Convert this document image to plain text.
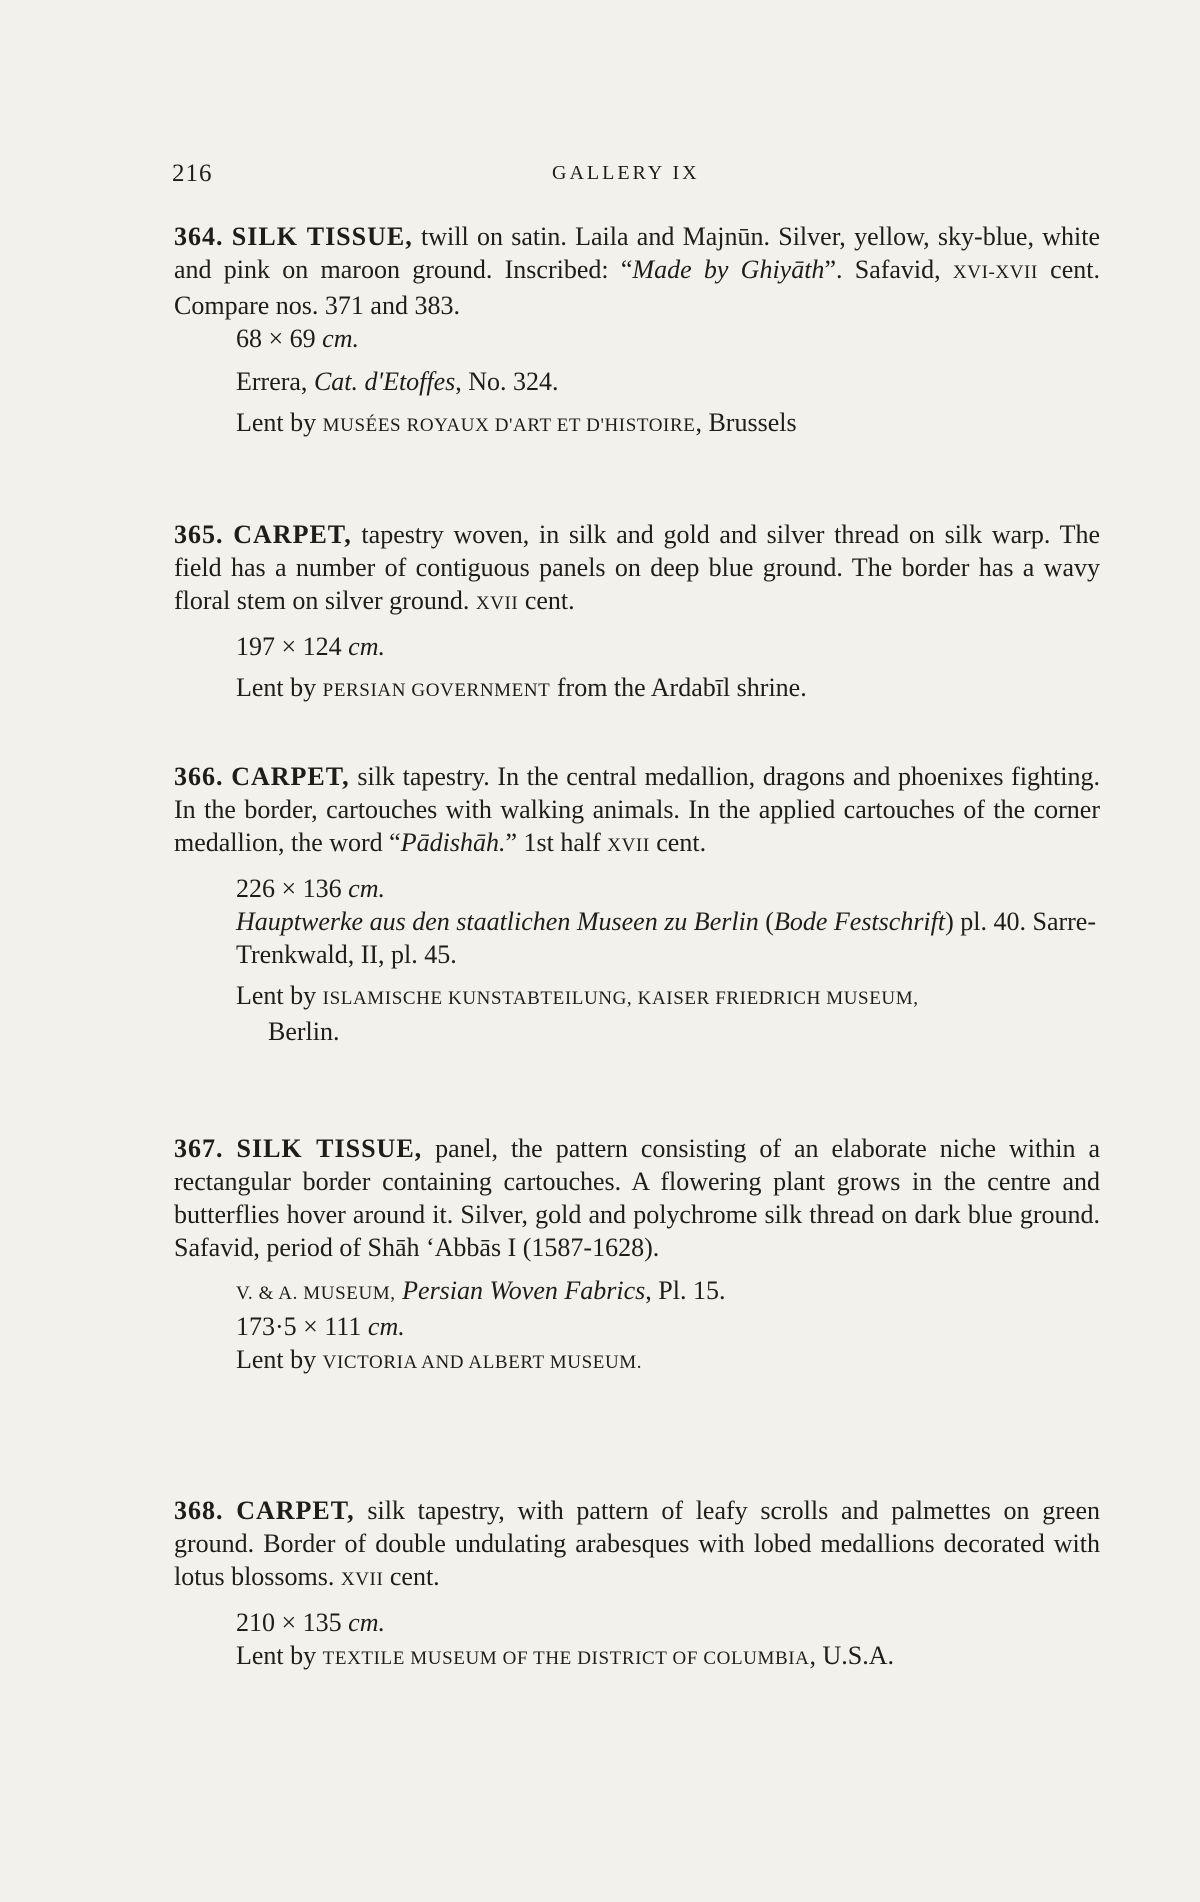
216	GALLERY IX

364. SILK TISSUE, twill on satin. Laila and Majnūn. Silver, yellow, sky-blue, white and pink on maroon ground. Inscribed: “Made by Ghiyāth”. Safavid, XVI-XVII cent. Compare nos. 371 and 383.

68 × 69 cm.

Errera, Cat. d'Etoffes, No. 324.

Lent by MUSÉES ROYAUX D'ART ET D'HISTOIRE, Brussels

365. CARPET, tapestry woven, in silk and gold and silver thread on silk warp. The field has a number of contiguous panels on deep blue ground. The border has a wavy floral stem on silver ground. XVII cent.

197 × 124 cm.

Lent by PERSIAN GOVERNMENT from the Ardabīl shrine.

366. CARPET, silk tapestry. In the central medallion, dragons and phoenixes fighting. In the border, cartouches with walking animals. In the applied cartouches of the corner medallion, the word “Pādishāh.” 1st half XVII cent.

226 × 136 cm.

Hauptwerke aus den staatlichen Museen zu Berlin (Bode Festschrift) pl. 40. Sarre-Trenkwald, II, pl. 45.

Lent by ISLAMISCHE KUNSTABTEILUNG, KAISER FRIEDRICH MUSEUM,

Berlin.

367. SILK TISSUE, panel, the pattern consisting of an elaborate niche within a rectangular border containing cartouches. A flowering plant grows in the centre and butterflies hover around it. Silver, gold and polychrome silk thread on dark blue ground. Safavid, period of Shāh ‘Abbās I (1587-1628).

V. & A. MUSEUM, Persian Woven Fabrics, Pl. 15.

173·5 × 111 cm.

Lent by VICTORIA AND ALBERT MUSEUM.

368. CARPET, silk tapestry, with pattern of leafy scrolls and palmettes on green ground. Border of double undulating arabesques with lobed medallions decorated with lotus blossoms. XVII cent.

210 × 135 cm.

Lent by TEXTILE MUSEUM OF THE DISTRICT OF COLUMBIA, U.S.A.
